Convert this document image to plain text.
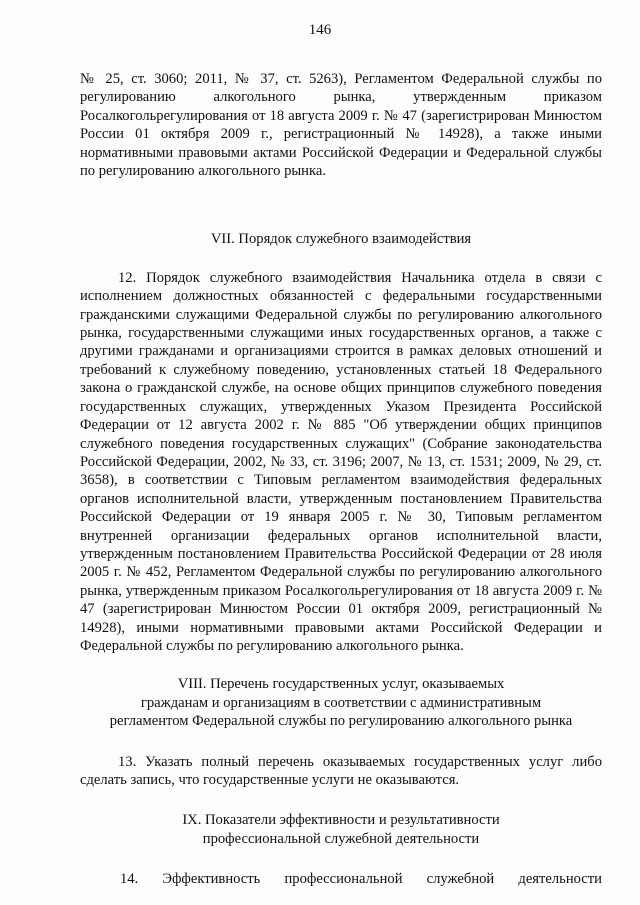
146

№ 25, ст. 3060; 2011, № 37, ст. 5263), Регламентом Федеральной службы по регулированию алкогольного рынка, утвержденным приказом Росалкогольрегулирования от 18 августа 2009 г. № 47 (зарегистрирован Минюстом России 01 октября 2009 г., регистрационный № 14928), а также иными нормативными правовыми актами Российской Федерации и Федеральной службы по регулированию алкогольного рынка.

VII. Порядок служебного взаимодействия

12. Порядок служебного взаимодействия Начальника отдела в связи с исполнением должностных обязанностей с федеральными государственными гражданскими служащими Федеральной службы по регулированию алкогольного рынка, государственными служащими иных государственных органов, а также с другими гражданами и организациями строится в рамках деловых отношений и требований к служебному поведению, установленных статьей 18 Федерального закона о гражданской службе, на основе общих принципов служебного поведения государственных служащих, утвержденных Указом Президента Российской Федерации от 12 августа 2002 г. № 885 "Об утверждении общих принципов служебного поведения государственных служащих" (Собрание законодательства Российской Федерации, 2002, № 33, ст. 3196; 2007, № 13, ст. 1531; 2009, № 29, ст. 3658), в соответствии с Типовым регламентом взаимодействия федеральных органов исполнительной власти, утвержденным постановлением Правительства Российской Федерации от 19 января 2005 г. № 30, Типовым регламентом внутренней организации федеральных органов исполнительной власти, утвержденным постановлением Правительства Российской Федерации от 28 июля 2005 г. № 452, Регламентом Федеральной службы по регулированию алкогольного рынка, утвержденным приказом Росалкогольрегулирования от 18 августа 2009 г. № 47 (зарегистрирован Минюстом России 01 октября 2009, регистрационный № 14928), иными нормативными правовыми актами Российской Федерации и Федеральной службы по регулированию алкогольного рынка.

VIII. Перечень государственных услуг, оказываемых
гражданам и организациям в соответствии с административным
регламентом Федеральной службы по регулированию алкогольного рынка

13. Указать полный перечень оказываемых государственных услуг либо сделать запись, что государственные услуги не оказываются.

IX. Показатели эффективности и результативности
профессиональной служебной деятельности
14. Эффективность профессиональной служебной деятельности
